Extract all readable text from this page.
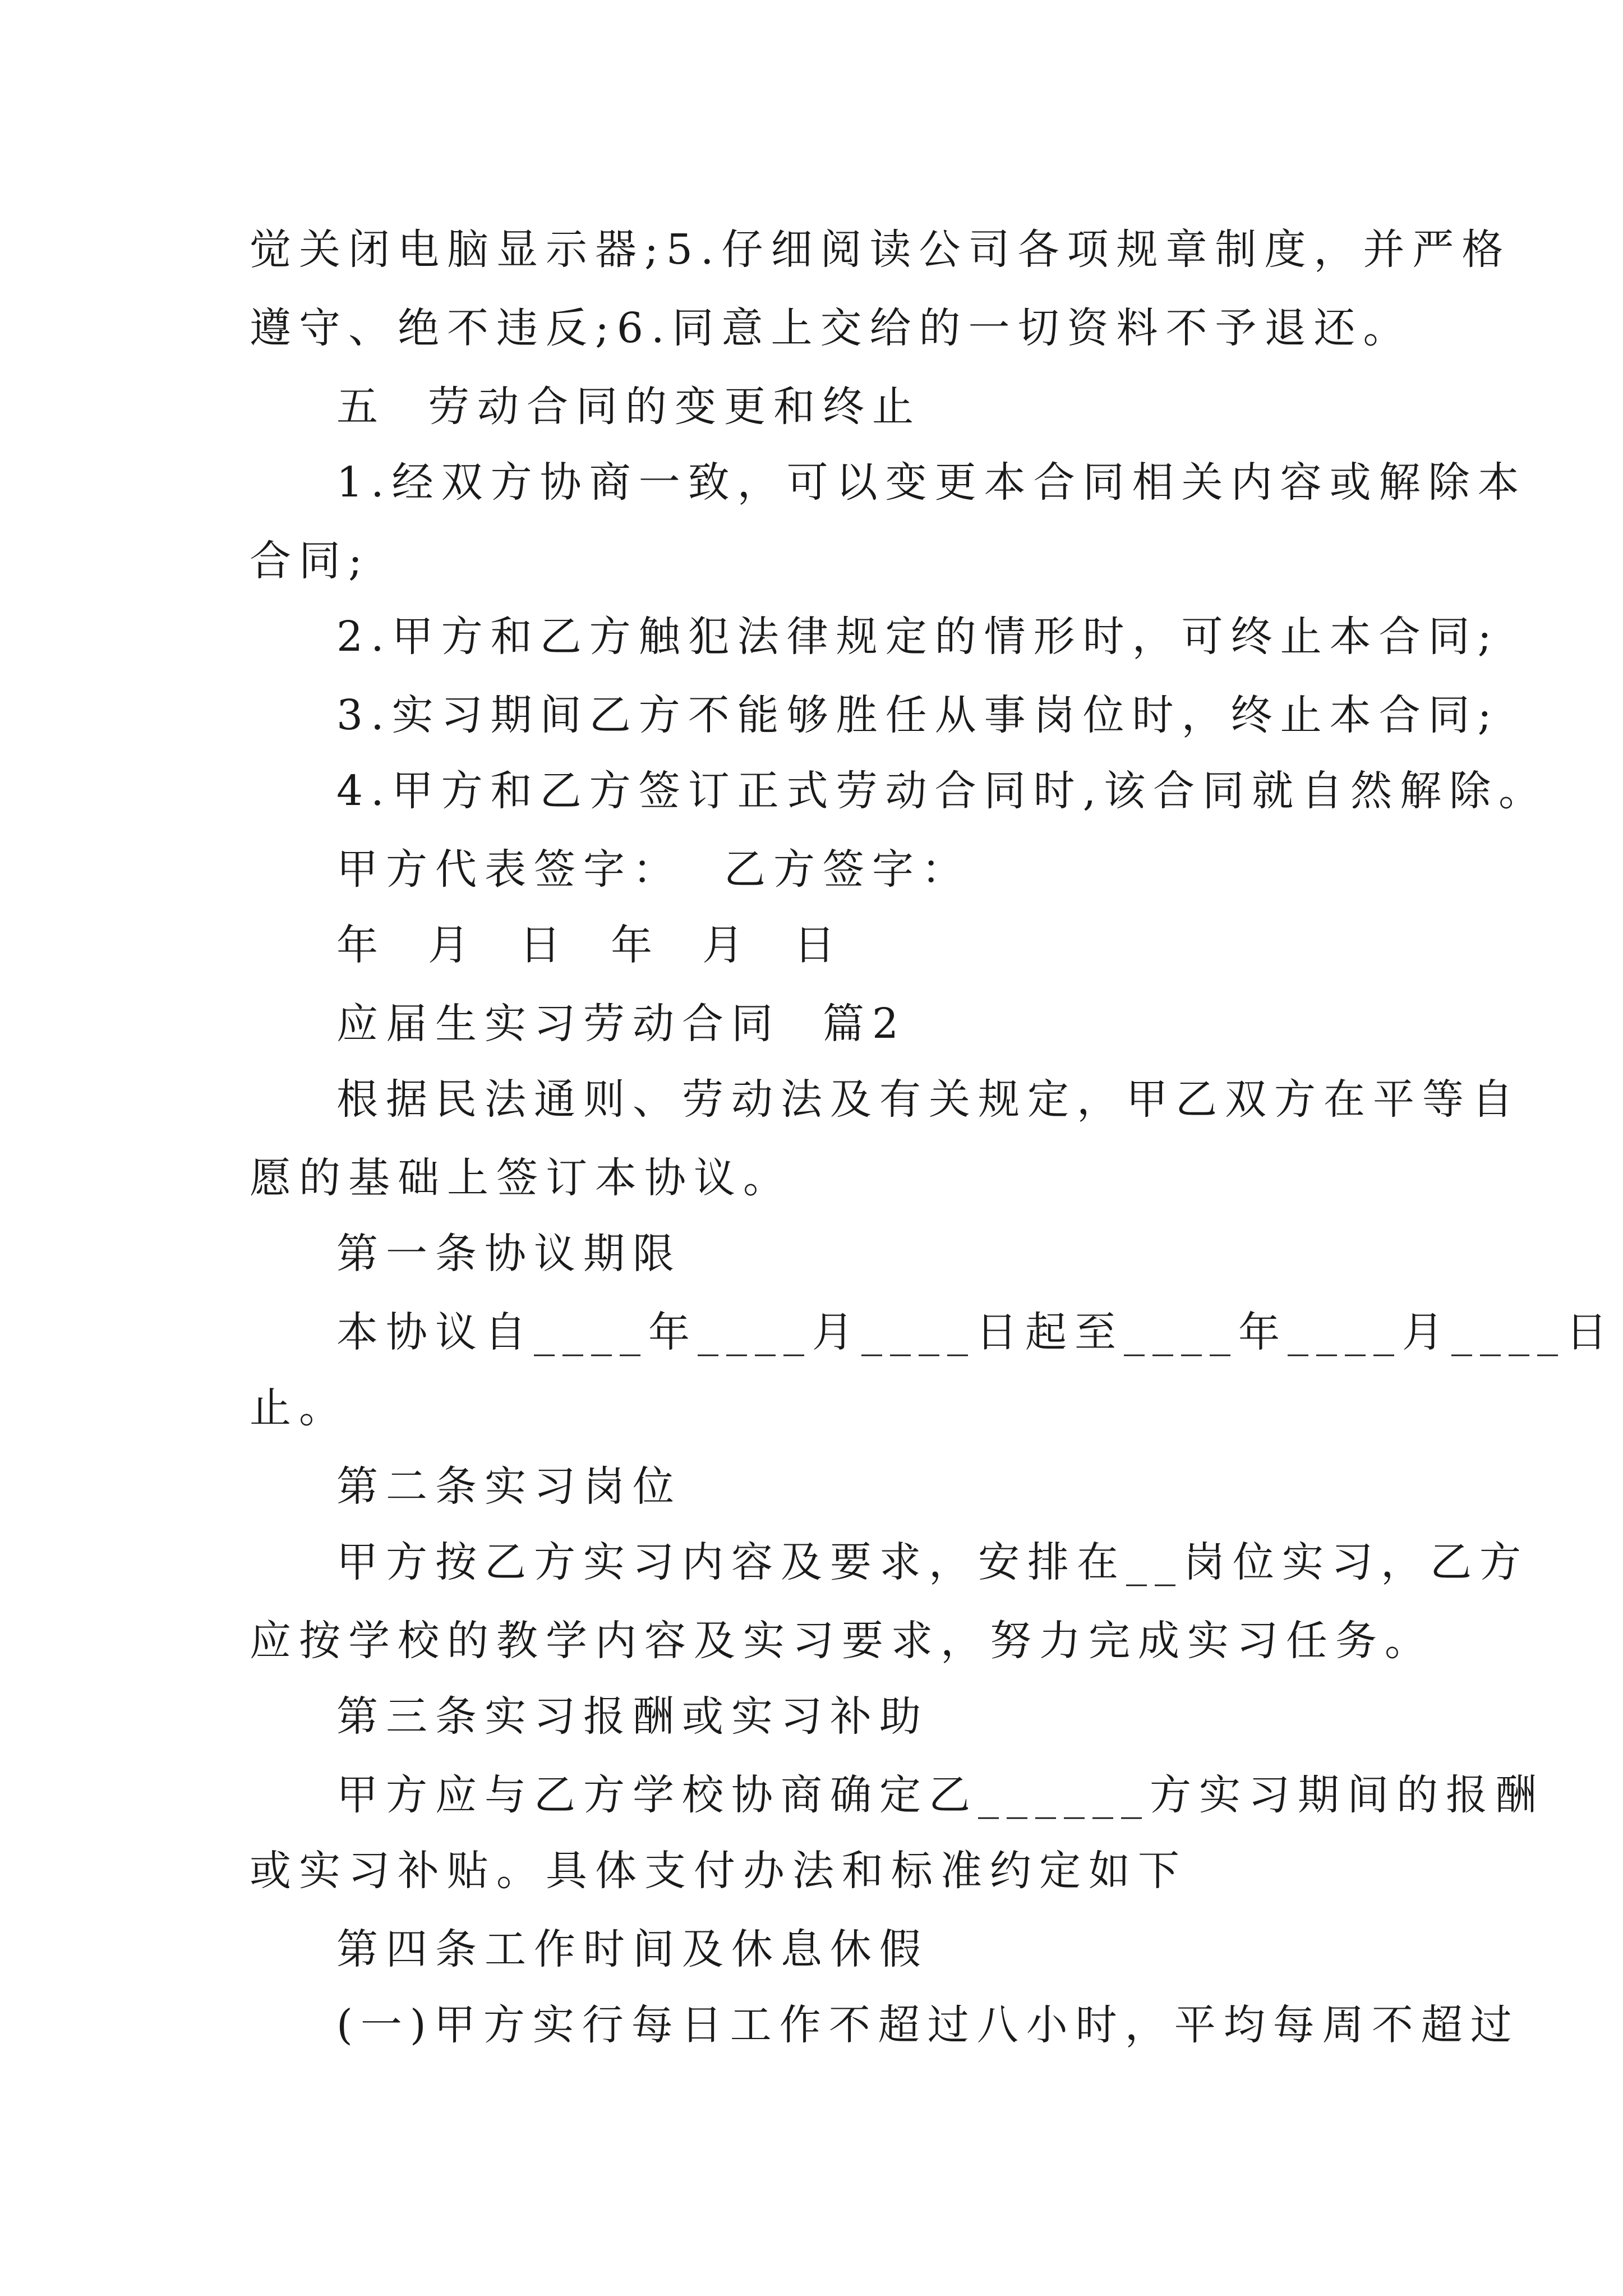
觉关闭电脑显示器;5.仔细阅读公司各项规章制度，并严格
遵守、绝不违反;6.同意上交给的一切资料不予退还。
五  劳动合同的变更和终止
1.经双方协商一致，可以变更本合同相关内容或解除本
合同;
2.甲方和乙方触犯法律规定的情形时，可终止本合同;
3.实习期间乙方不能够胜任从事岗位时，终止本合同;
4.甲方和乙方签订正式劳动合同时,该合同就自然解除。
甲方代表签字：  乙方签字：
年  月  日  年  月  日
应届生实习劳动合同  篇2
根据民法通则、劳动法及有关规定，甲乙双方在平等自
愿的基础上签订本协议。
第一条协议期限
本协议自____年____月____日起至____年____月____日
止。
第二条实习岗位
甲方按乙方实习内容及要求，安排在__岗位实习，乙方
应按学校的教学内容及实习要求，努力完成实习任务。
第三条实习报酬或实习补助
甲方应与乙方学校协商确定乙______方实习期间的报酬
或实习补贴。具体支付办法和标准约定如下
第四条工作时间及休息休假
(一)甲方实行每日工作不超过八小时，平均每周不超过
